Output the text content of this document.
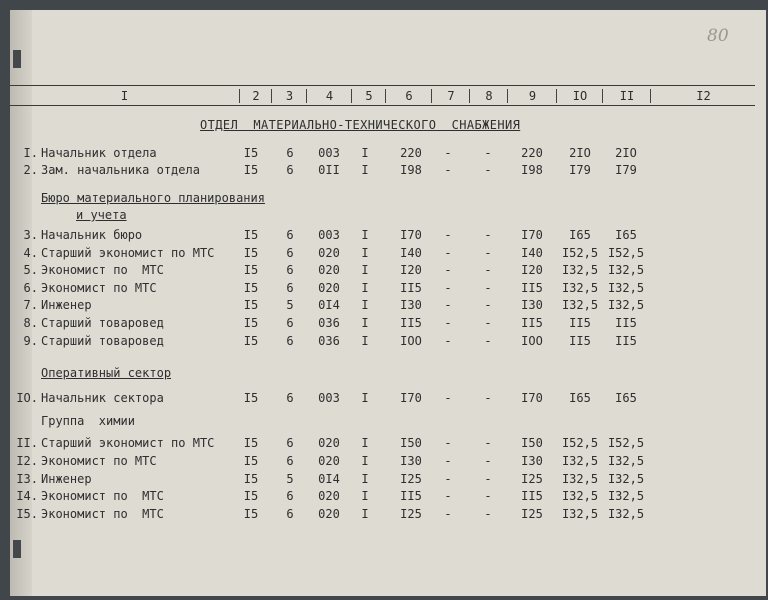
80
I	2	3	4	5	6	7	8	9	IO	II	I2
ОТДЕЛ  МАТЕРИАЛЬНО-ТЕХНИЧЕСКОГО  СНАБЖЕНИЯ
I. Начальник отдела	I5	6	003	I	220	-	-	220	2IO	2IO
2. Зам. начальника отдела	I5	6	0II	I	I98	-	-	I98	I79	I79
Бюро материального планирования
и учета
3. Начальник бюро	I5	6	003	I	I70	-	-	I70	I65	I65
4. Старший экономист по МТС	I5	6	020	I	I40	-	-	I40	I52,5 I52,5
5. Экономист по  МТС	I5	6	020	I	I20	-	-	I20	I32,5 I32,5
6. Экономист по МТС	I5	6	020	I	II5	-	-	II5	I32,5 I32,5
7. Инженер	I5	5	0I4	I	I30	-	-	I30	I32,5 I32,5
8. Старший товаровед	I5	6	036	I	II5	-	-	II5	II5	II5
9. Старший товаровед	I5	6	036	I	IOO	-	-	IOO	II5	II5
Оперативный сектор
IO. Начальник сектора	I5	6	003	I	I70	-	-	I70	I65	I65
Группа  химии
II. Старший экономист по МТС	I5	6	020	I	I50	-	-	I50	I52,5 I52,5
I2. Экономист по МТС	I5	6	020	I	I30	-	-	I30	I32,5 I32,5
I3. Инженер	I5	5	0I4	I	I25	-	-	I25	I32,5 I32,5
I4. Экономист по  МТС	I5	6	020	I	II5	-	-	II5	I32,5 I32,5
I5. Экономист по  МТС	I5	6	020	I	I25	-	-	I25	I32,5 I32,5
